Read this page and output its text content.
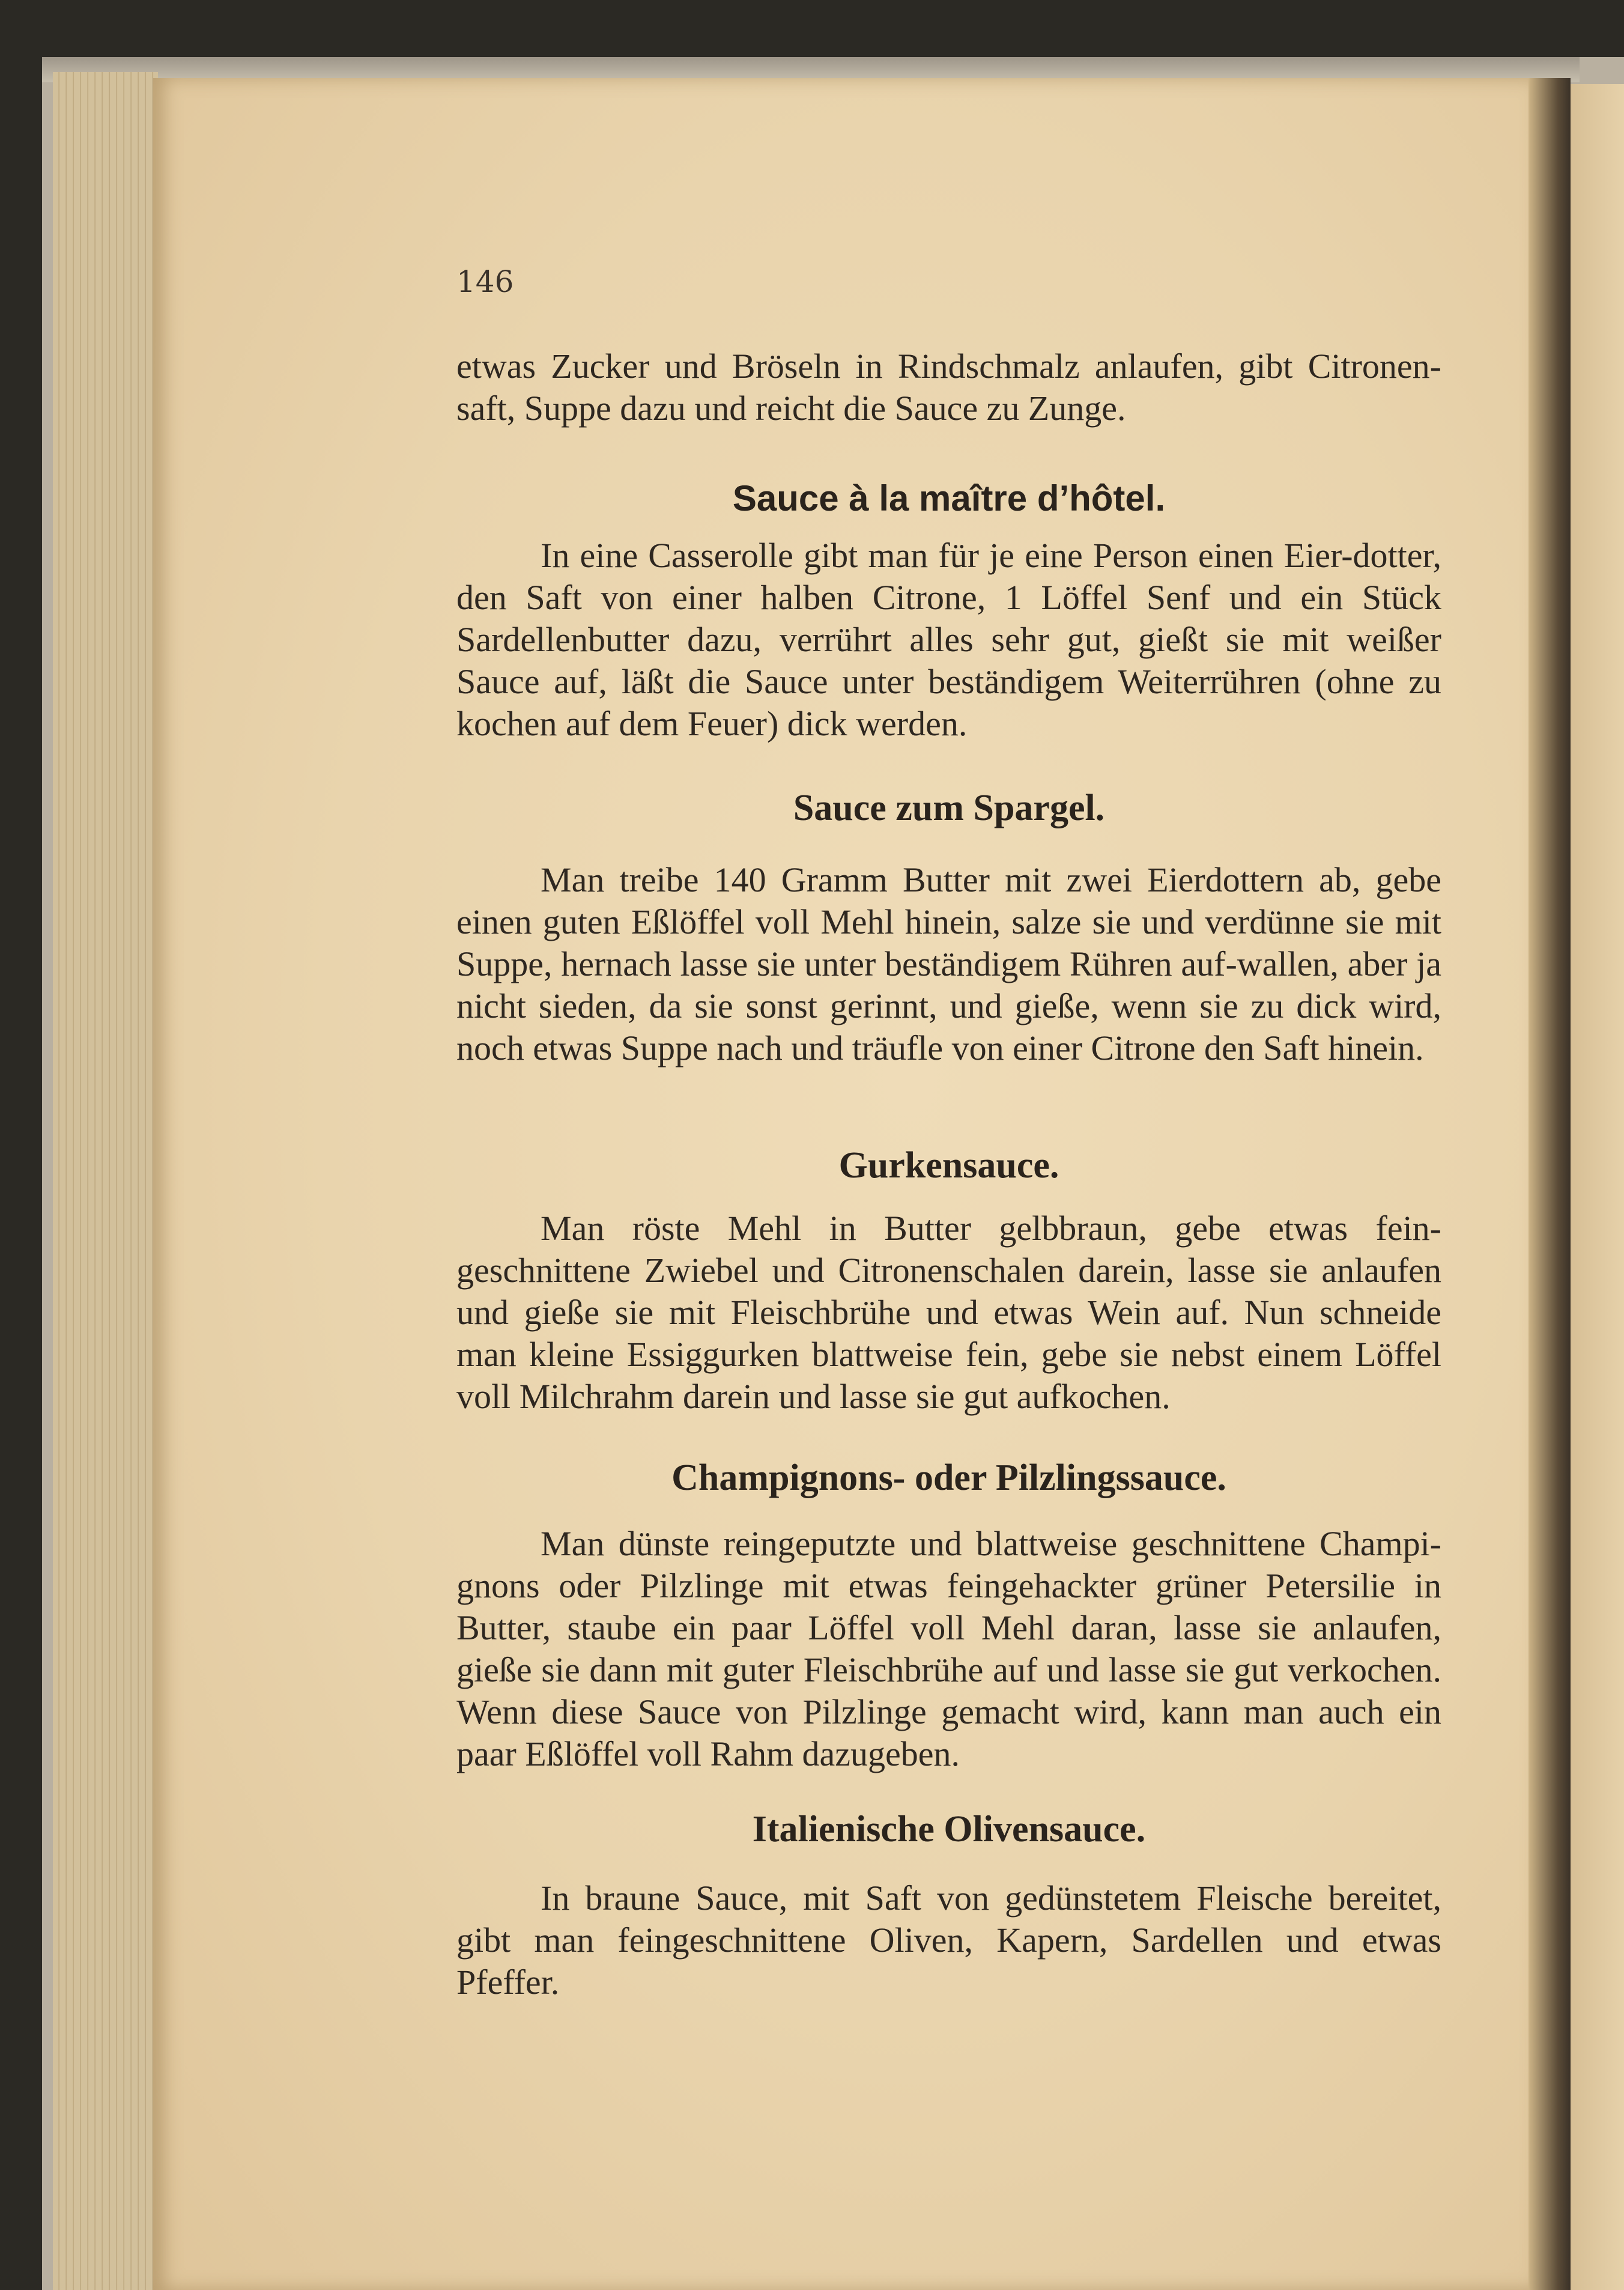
146

etwas Zucker und Bröseln in Rindschmalz anlaufen, gibt Citronen-saft, Suppe dazu und reicht die Sauce zu Zunge.

Sauce à la maître d’hôtel.

In eine Casserolle gibt man für je eine Person einen Eier-dotter, den Saft von einer halben Citrone, 1 Löffel Senf und ein Stück Sardellenbutter dazu, verrührt alles sehr gut, gießt sie mit weißer Sauce auf, läßt die Sauce unter beständigem Weiterrühren (ohne zu kochen auf dem Feuer) dick werden.

Sauce zum Spargel.

Man treibe 140 Gramm Butter mit zwei Eierdottern ab, gebe einen guten Eßlöffel voll Mehl hinein, salze sie und verdünne sie mit Suppe, hernach lasse sie unter beständigem Rühren auf-wallen, aber ja nicht sieden, da sie sonst gerinnt, und gieße, wenn sie zu dick wird, noch etwas Suppe nach und träufle von einer Citrone den Saft hinein.

Gurkensauce.

Man röste Mehl in Butter gelbbraun, gebe etwas fein-geschnittene Zwiebel und Citronenschalen darein, lasse sie anlaufen und gieße sie mit Fleischbrühe und etwas Wein auf. Nun schneide man kleine Essiggurken blattweise fein, gebe sie nebst einem Löffel voll Milchrahm darein und lasse sie gut aufkochen.

Champignons- oder Pilzlingssauce.

Man dünste reingeputzte und blattweise geschnittene Champi-gnons oder Pilzlinge mit etwas feingehackter grüner Petersilie in Butter, staube ein paar Löffel voll Mehl daran, lasse sie anlaufen, gieße sie dann mit guter Fleischbrühe auf und lasse sie gut verkochen. Wenn diese Sauce von Pilzlinge gemacht wird, kann man auch ein paar Eßlöffel voll Rahm dazugeben.

Italienische Olivensauce.

In braune Sauce, mit Saft von gedünstetem Fleische bereitet, gibt man feingeschnittene Oliven, Kapern, Sardellen und etwas Pfeffer.
